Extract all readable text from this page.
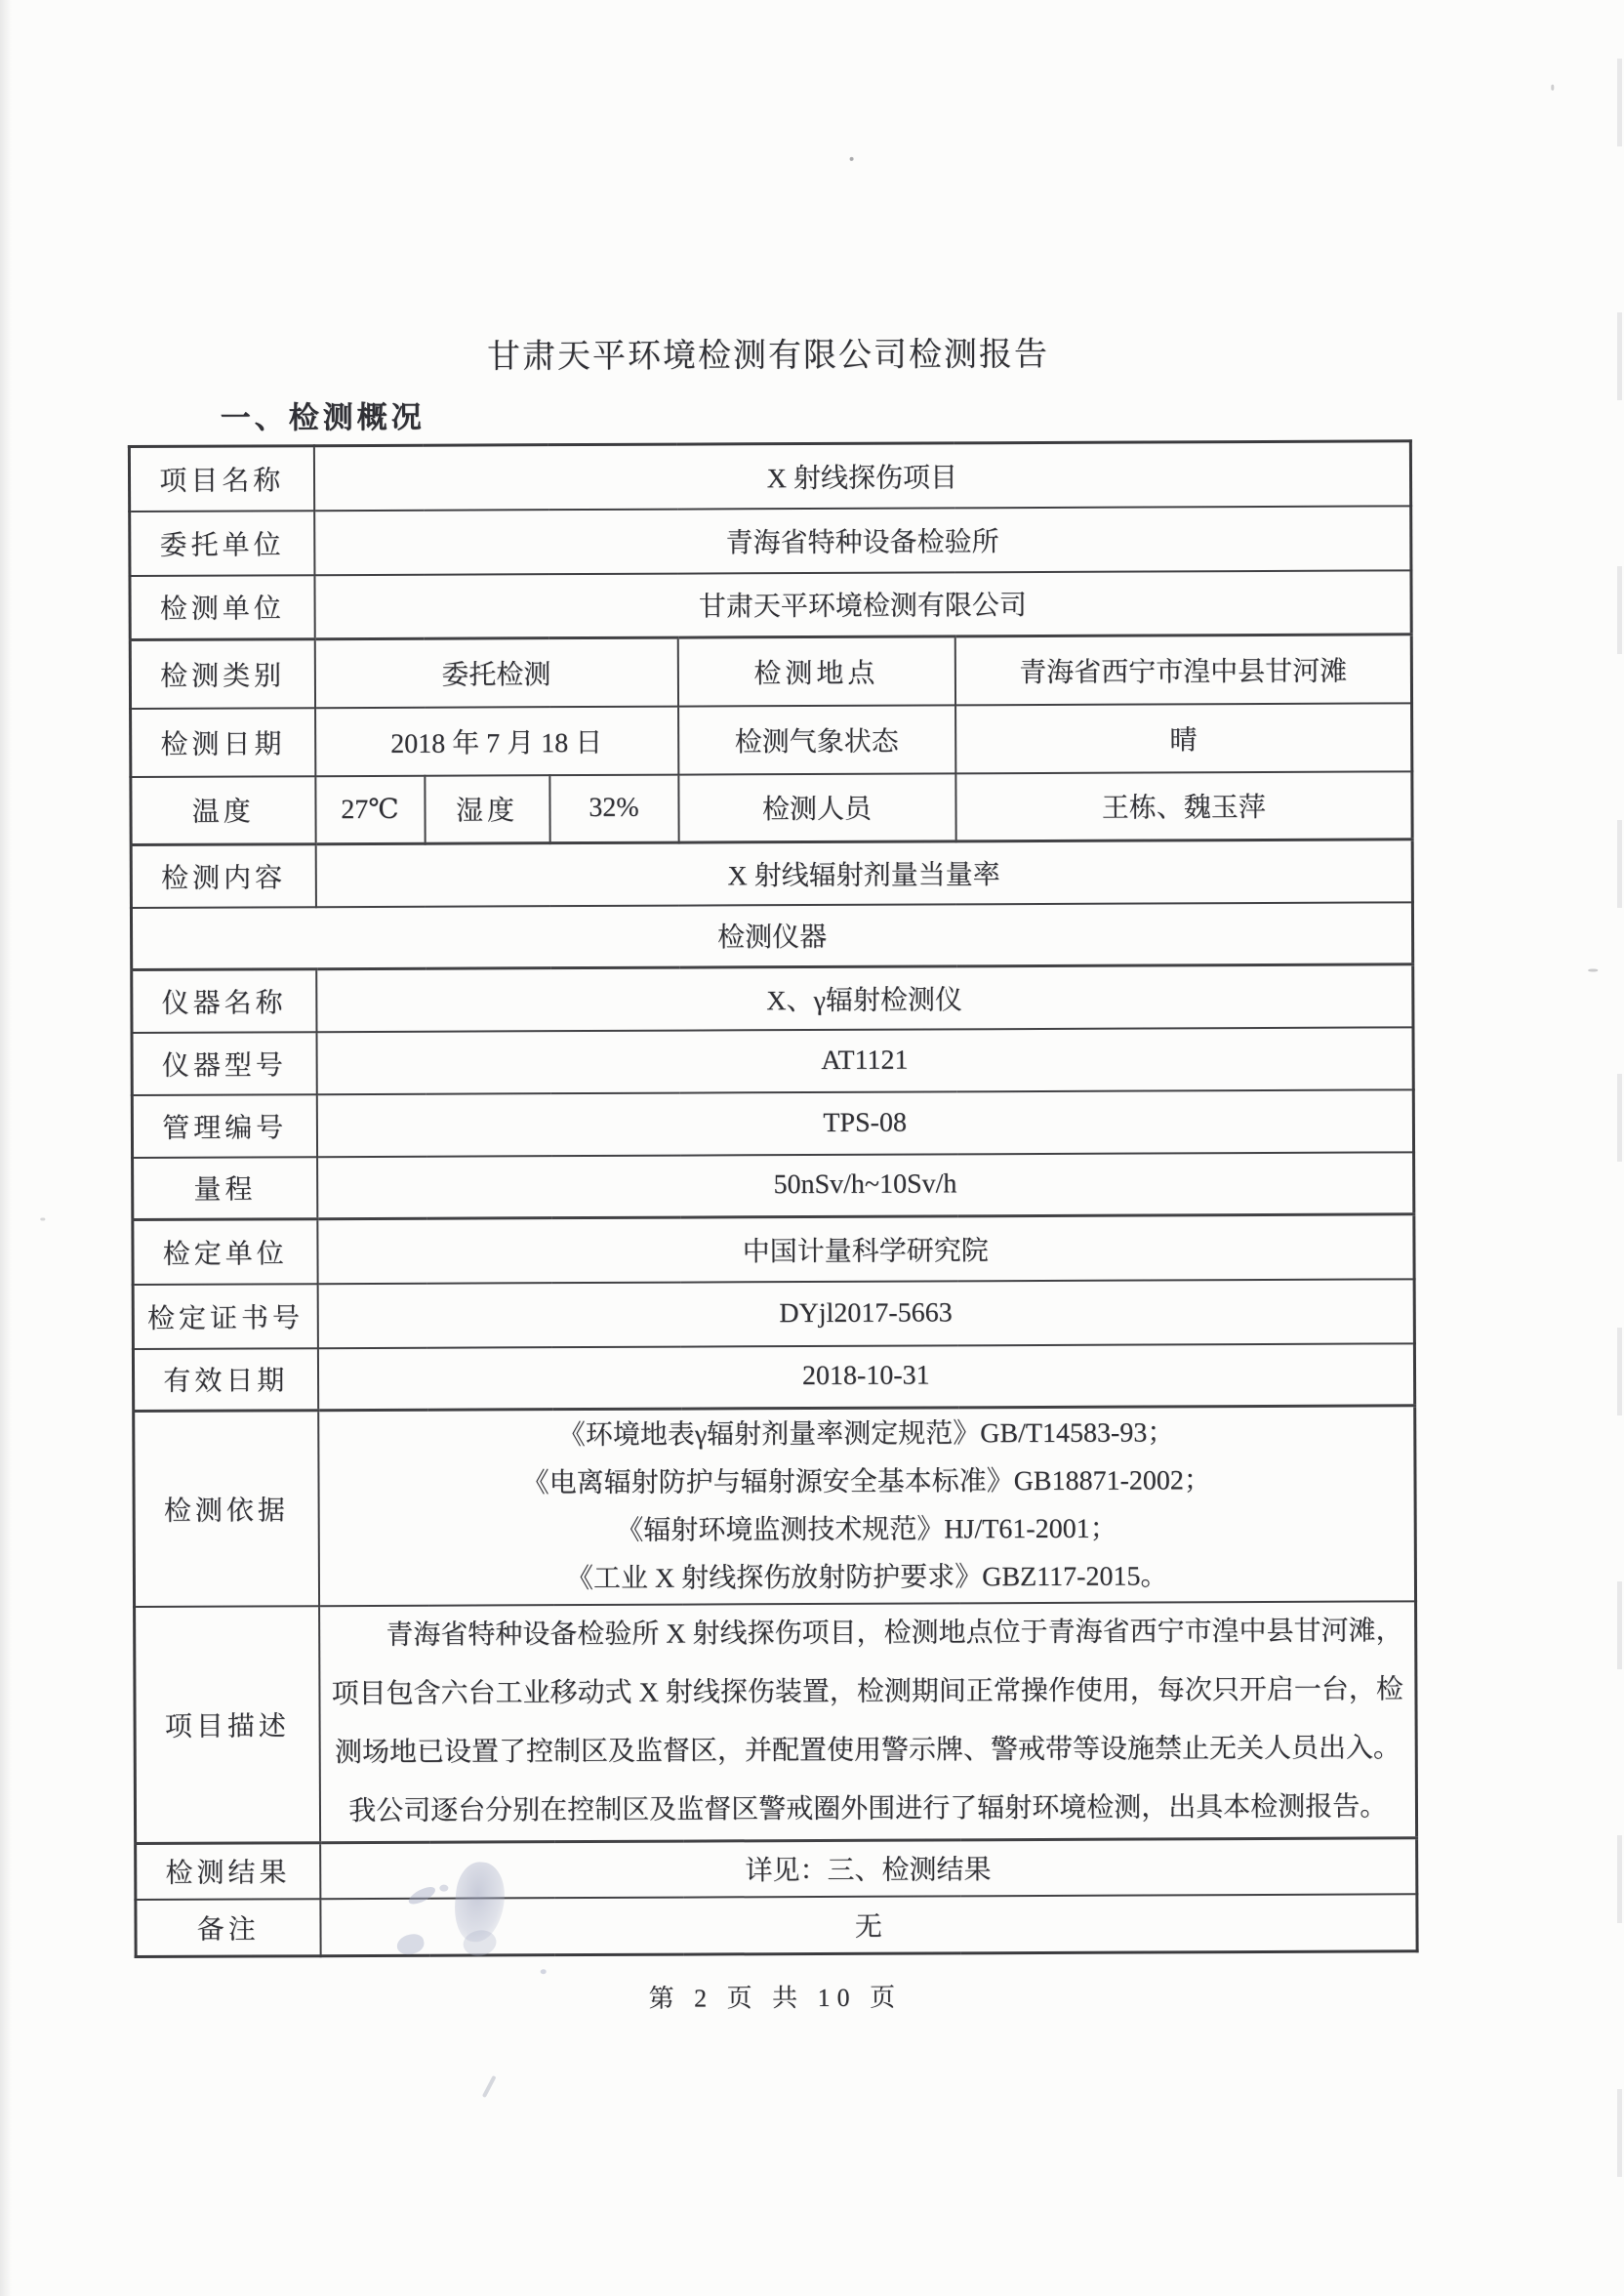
甘肃天平环境检测有限公司检测报告
一、检测概况
项目名称	X 射线探伤项目				
委托单位	青海省特种设备检验所				
检测单位	甘肃天平环境检测有限公司				
检测类别	委托检测			检测地点	青海省西宁市湟中县甘河滩
检测日期	2018 年 7 月 18 日			检测气象状态	晴
温度	27℃	湿度	32%	检测人员	王栋、魏玉萍
检测内容	X 射线辐射剂量当量率				
检测仪器					
仪器名称	X、γ辐射检测仪				
仪器型号	AT1121				
管理编号	TPS-08				
量程	50nSv/h~10Sv/h				
检定单位	中国计量科学研究院				
检定证书号	DYjl2017-5663				
有效日期	2018-10-31				
检测依据	《环境地表γ辐射剂量率测定规范》GB/T14583-93；
《电离辐射防护与辐射源安全基本标准》GB18871-2002；
《辐射环境监测技术规范》HJ/T61-2001；
《工业 X 射线探伤放射防护要求》GBZ117-2015。				

项目描述	青海省特种设备检验所 X 射线探伤项目，检测地点位于青海省西宁市湟中县甘河滩，项目包含六台工业移动式 X 射线探伤装置，检测期间正常操作使用，每次只开启一台，检测场地已设置了控制区及监督区，并配置使用警示牌、警戒带等设施禁止无关人员出入。我公司逐台分别在控制区及监督区警戒圈外围进行了辐射环境检测，出具本检测报告。				

检测结果	详见：三、检测结果				
备注	无				
第 2 页 共 10 页
